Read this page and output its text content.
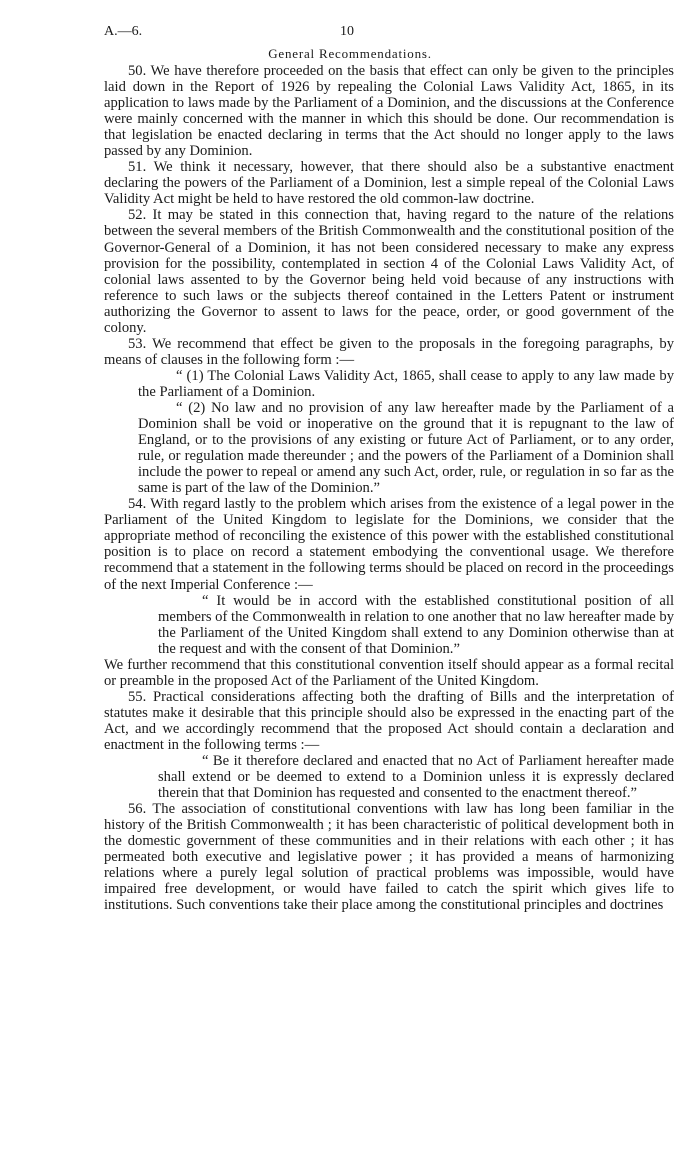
A.—6.	10
General Recommendations.

50. We have therefore proceeded on the basis that effect can only be given to the principles laid down in the Report of 1926 by repealing the Colonial Laws Validity Act, 1865, in its application to laws made by the Parliament of a Dominion, and the discussions at the Conference were mainly concerned with the manner in which this should be done. Our recommendation is that legislation be enacted declaring in terms that the Act should no longer apply to the laws passed by any Dominion.

51. We think it necessary, however, that there should also be a substantive enactment declaring the powers of the Parliament of a Dominion, lest a simple repeal of the Colonial Laws Validity Act might be held to have restored the old common-law doctrine.

52. It may be stated in this connection that, having regard to the nature of the relations between the several members of the British Commonwealth and the constitutional position of the Governor-General of a Dominion, it has not been considered necessary to make any express provision for the possibility, contemplated in section 4 of the Colonial Laws Validity Act, of colonial laws assented to by the Governor being held void because of any instructions with reference to such laws or the subjects thereof contained in the Letters Patent or instrument authorizing the Governor to assent to laws for the peace, order, or good government of the colony.

53. We recommend that effect be given to the proposals in the foregoing paragraphs, by means of clauses in the following form :—

“ (1) The Colonial Laws Validity Act, 1865, shall cease to apply to any law made by the Parliament of a Dominion.

“ (2) No law and no provision of any law hereafter made by the Parliament of a Dominion shall be void or inoperative on the ground that it is repugnant to the law of England, or to the provisions of any existing or future Act of Parliament, or to any order, rule, or regulation made thereunder ; and the powers of the Parliament of a Dominion shall include the power to repeal or amend any such Act, order, rule, or regulation in so far as the same is part of the law of the Dominion.”

54. With regard lastly to the problem which arises from the existence of a legal power in the Parliament of the United Kingdom to legislate for the Dominions, we consider that the appropriate method of reconciling the existence of this power with the established constitutional position is to place on record a statement embodying the conventional usage. We therefore recommend that a statement in the following terms should be placed on record in the proceedings of the next Imperial Conference :—

“ It would be in accord with the established constitutional position of all members of the Commonwealth in relation to one another that no law hereafter made by the Parliament of the United Kingdom shall extend to any Dominion otherwise than at the request and with the consent of that Dominion.”

We further recommend that this constitutional convention itself should appear as a formal recital or preamble in the proposed Act of the Parliament of the United Kingdom.

55. Practical considerations affecting both the drafting of Bills and the interpretation of statutes make it desirable that this principle should also be expressed in the enacting part of the Act, and we accordingly recommend that the proposed Act should contain a declaration and enactment in the following terms :—

“ Be it therefore declared and enacted that no Act of Parliament hereafter made shall extend or be deemed to extend to a Dominion unless it is expressly declared therein that that Dominion has requested and consented to the enactment thereof.”

56. The association of constitutional conventions with law has long been familiar in the history of the British Commonwealth ; it has been characteristic of political development both in the domestic government of these communities and in their relations with each other ; it has permeated both executive and legislative power ; it has provided a means of harmonizing relations where a purely legal solution of practical problems was impossible, would have impaired free development, or would have failed to catch the spirit which gives life to institutions. Such conventions take their place among the constitutional principles and doctrines
